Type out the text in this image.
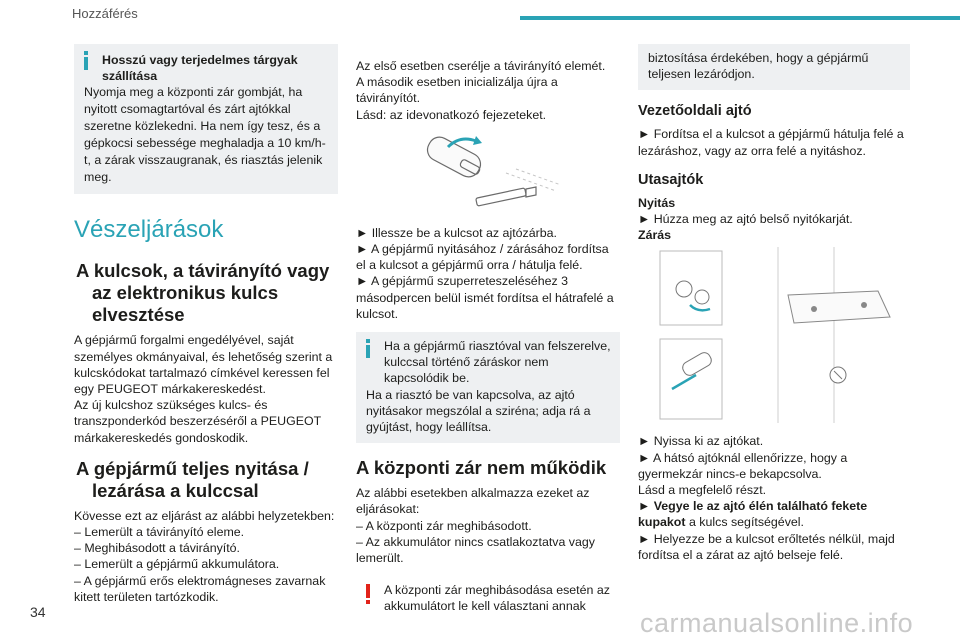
Hozzáférés

Hosszú vagy terjedelmes tárgyak szállítása

Nyomja meg a központi zár gombját, ha nyitott csomagtartóval és zárt ajtókkal szeretne közlekedni. Ha nem így tesz, és a gépkocsi sebessége meghaladja a 10 km/h-t, a zárak visszaugranak, és riasztás jelenik meg.

Vészeljárások
A kulcsok, a távirányító vagy az elektronikus kulcs elvesztése

A gépjármű forgalmi engedélyével, saját személyes okmányaival, és lehetőség szerint a kulcskódokat tartalmazó címkével keressen fel egy PEUGEOT márkakereskedést.

Az új kulcshoz szükséges kulcs- és transzponderkód beszerzéséről a PEUGEOT márkakereskedés gondoskodik.

A gépjármű teljes nyitása / lezárása a kulccsal

Kövesse ezt az eljárást az alábbi helyzetekben:

– Lemerült a távirányító eleme.

– Meghibásodott a távirányító.

– Lemerült a gépjármű akkumulátora.

– A gépjármű erős elektromágneses zavarnak kitett területen tartózkodik.

Az első esetben cserélje a távirányító elemét.

A második esetben inicializálja újra a távirányítót.

Lásd: az idevonatkozó fejezeteket.

► Illessze be a kulcsot az ajtózárba.

► A gépjármű nyitásához / zárásához fordítsa el a kulcsot a gépjármű orra / hátulja felé.

► A gépjármű szuperreteszeléséhez 3 másodpercen belül ismét fordítsa el hátrafelé a kulcsot.

Ha a gépjármű riasztóval van felszerelve, kulccsal történő záráskor nem kapcsolódik be.

Ha a riasztó be van kapcsolva, az ajtó nyitásakor megszólal a sziréna; adja rá a gyújtást, hogy leállítsa.

A központi zár nem működik

Az alábbi esetekben alkalmazza ezeket az eljárásokat:

– A központi zár meghibásodott.

– Az akkumulátor nincs csatlakoztatva vagy lemerült.

A központi zár meghibásodása esetén az akkumulátort le kell választani annak

biztosítása érdekében, hogy a gépjármű teljesen lezáródjon.

Vezetőoldali ajtó

► Fordítsa el a kulcsot a gépjármű hátulja felé a lezáráshoz, vagy az orra felé a nyitáshoz.

Utasajtók

Nyitás

► Húzza meg az ajtó belső nyitókarját.

Zárás

► Nyissa ki az ajtókat.

► A hátsó ajtóknál ellenőrizze, hogy a gyermekzár nincs-e bekapcsolva.

Lásd a megfelelő részt.

► Vegye le az ajtó élén található fekete kupakot a kulcs segítségével.

► Helyezze be a kulcsot erőltetés nélkül, majd fordítsa el a zárat az ajtó belseje felé.

34	carmanualsonline.info
